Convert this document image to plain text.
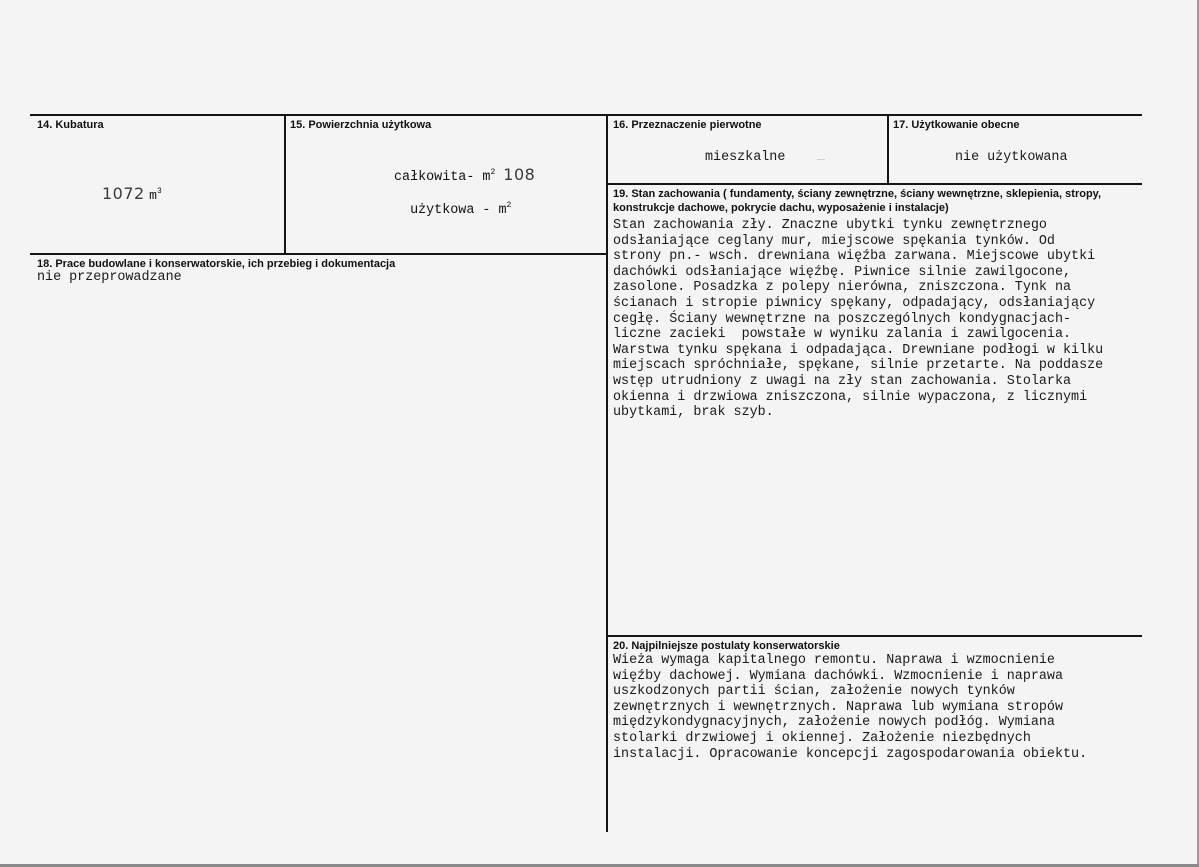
14. Kubatura
1072 $m^3$
15. Powierzchnia użytkowa
całkowita- $m^2$ 108

użytkowa - $m^2$

16. Przeznaczenie pierwotne
mieszkalne
17. Użytkowanie obecne
nie użytkowana
19. Stan zachowania ( fundamenty, ściany zewnętrzne, ściany wewnętrzne, sklepienia, stropy,
konstrukcje dachowe, pokrycie dachu, wyposażenie i instalacje)
Stan zachowania zły. Znaczne ubytki tynku zewnętrznego
odsłaniające ceglany mur, miejscowe spękania tynków. Od
strony pn.- wsch. drewniana więźba zarwana. Miejscowe ubytki
dachówki odsłaniające więźbę. Piwnice silnie zawilgocone,
zasolone. Posadzka z polepy nierówna, zniszczona. Tynk na
ścianach i stropie piwnicy spękany, odpadający, odsłaniający
cegłę. Ściany wewnętrzne na poszczególnych kondygnacjach-
liczne zacieki  powstałe w wyniku zalania i zawilgocenia.
Warstwa tynku spękana i odpadająca. Drewniane podłogi w kilku
miejscach spróchniałe, spękane, silnie przetarte. Na poddasze
wstęp utrudniony z uwagi na zły stan zachowania. Stolarka
okienna i drzwiowa zniszczona, silnie wypaczona, z licznymi
ubytkami, brak szyb.
18. Prace budowlane i konserwatorskie, ich przebieg i dokumentacja
nie przeprowadzane
20. Najpilniejsze postulaty konserwatorskie
Wieża wymaga kapitalnego remontu. Naprawa i wzmocnienie
więźby dachowej. Wymiana dachówki. Wzmocnienie i naprawa
uszkodzonych partii ścian, założenie nowych tynków
zewnętrznych i wewnętrznych. Naprawa lub wymiana stropów
międzykondygnacyjnych, założenie nowych podłóg. Wymiana
stolarki drzwiowej i okiennej. Założenie niezbędnych
instalacji. Opracowanie koncepcji zagospodarowania obiektu.
